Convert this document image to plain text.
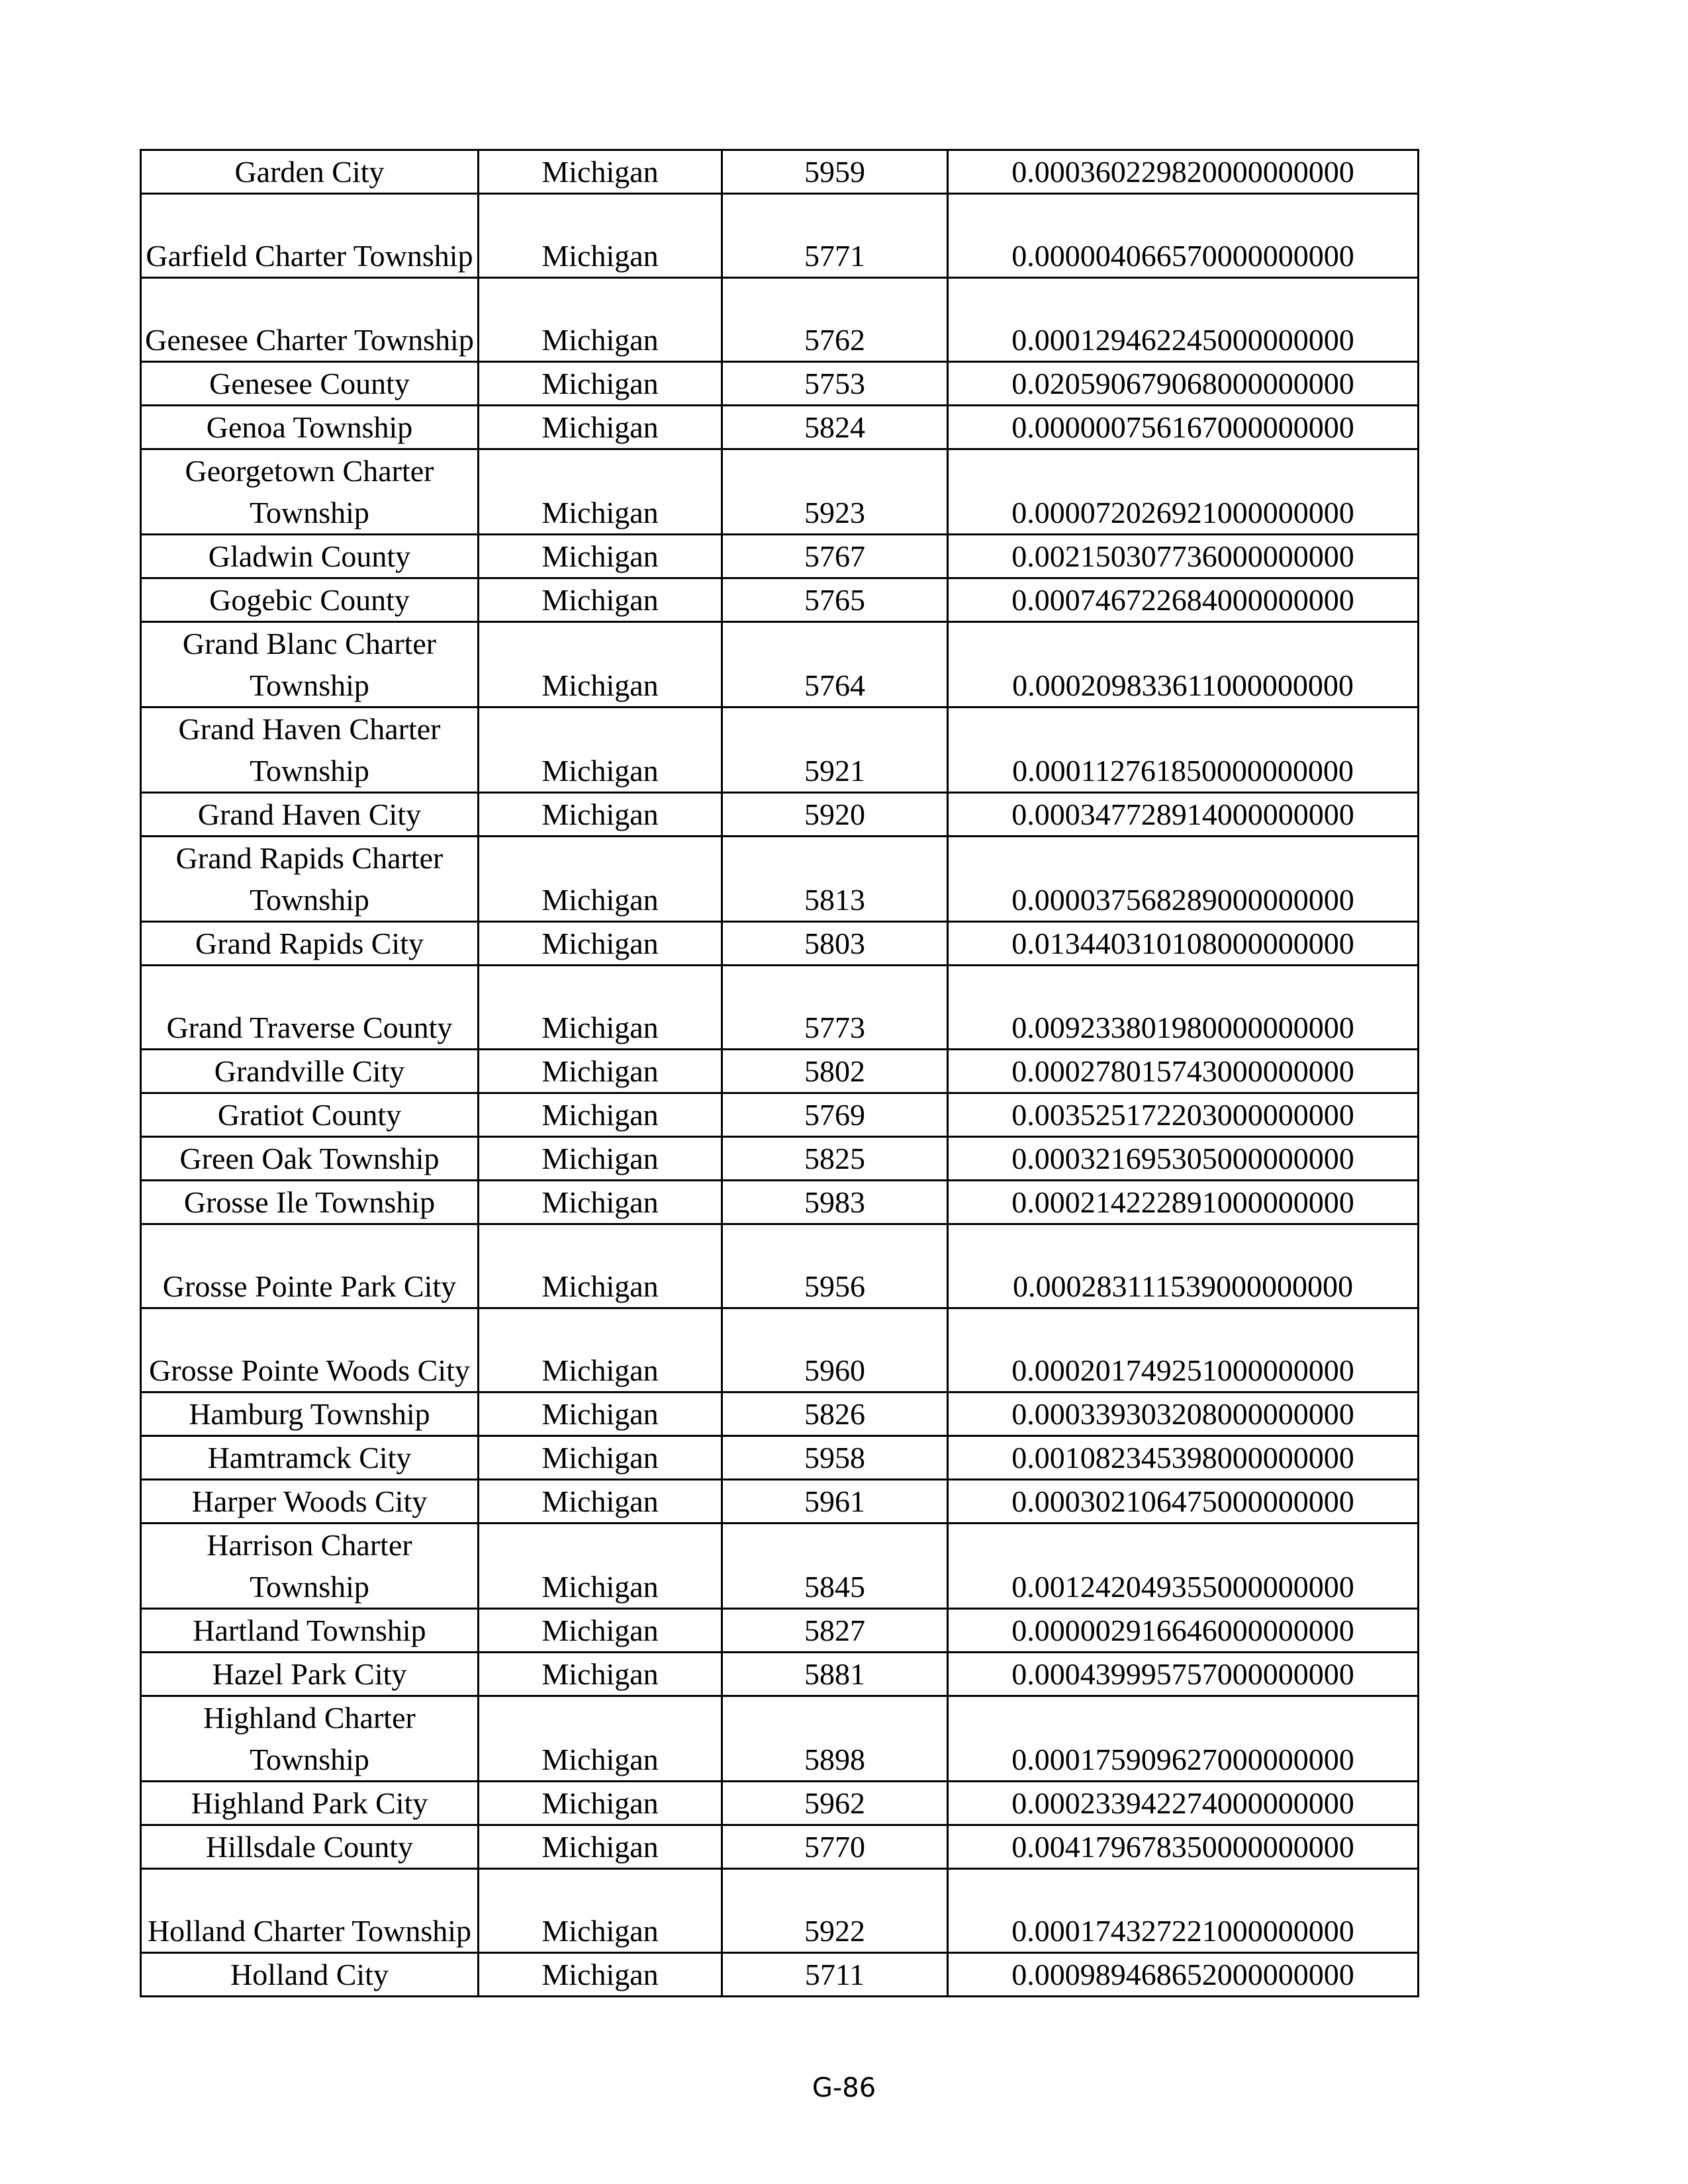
Garden City	Michigan	5959	0.000360229820000000000
Garfield Charter Township	Michigan	5771	0.000004066570000000000
Genesee Charter Township	Michigan	5762	0.000129462245000000000
Genesee County	Michigan	5753	0.020590679068000000000
Genoa Township	Michigan	5824	0.000000756167000000000
Georgetown Charter Township	Michigan	5923	0.000072026921000000000
Gladwin County	Michigan	5767	0.002150307736000000000
Gogebic County	Michigan	5765	0.000746722684000000000
Grand Blanc Charter Township	Michigan	5764	0.000209833611000000000
Grand Haven Charter Township	Michigan	5921	0.000112761850000000000
Grand Haven City	Michigan	5920	0.000347728914000000000
Grand Rapids Charter Township	Michigan	5813	0.000037568289000000000
Grand Rapids City	Michigan	5803	0.013440310108000000000
Grand Traverse County	Michigan	5773	0.009233801980000000000
Grandville City	Michigan	5802	0.000278015743000000000
Gratiot County	Michigan	5769	0.003525172203000000000
Green Oak Township	Michigan	5825	0.000321695305000000000
Grosse Ile Township	Michigan	5983	0.000214222891000000000
Grosse Pointe Park City	Michigan	5956	0.000283111539000000000
Grosse Pointe Woods City	Michigan	5960	0.000201749251000000000
Hamburg Township	Michigan	5826	0.000339303208000000000
Hamtramck City	Michigan	5958	0.001082345398000000000
Harper Woods City	Michigan	5961	0.000302106475000000000
Harrison Charter Township	Michigan	5845	0.001242049355000000000
Hartland Township	Michigan	5827	0.000002916646000000000
Hazel Park City	Michigan	5881	0.000439995757000000000
Highland Charter Township	Michigan	5898	0.000175909627000000000
Highland Park City	Michigan	5962	0.000233942274000000000
Hillsdale County	Michigan	5770	0.004179678350000000000
Holland Charter Township	Michigan	5922	0.000174327221000000000
Holland City	Michigan	5711	0.000989468652000000000
G-86
